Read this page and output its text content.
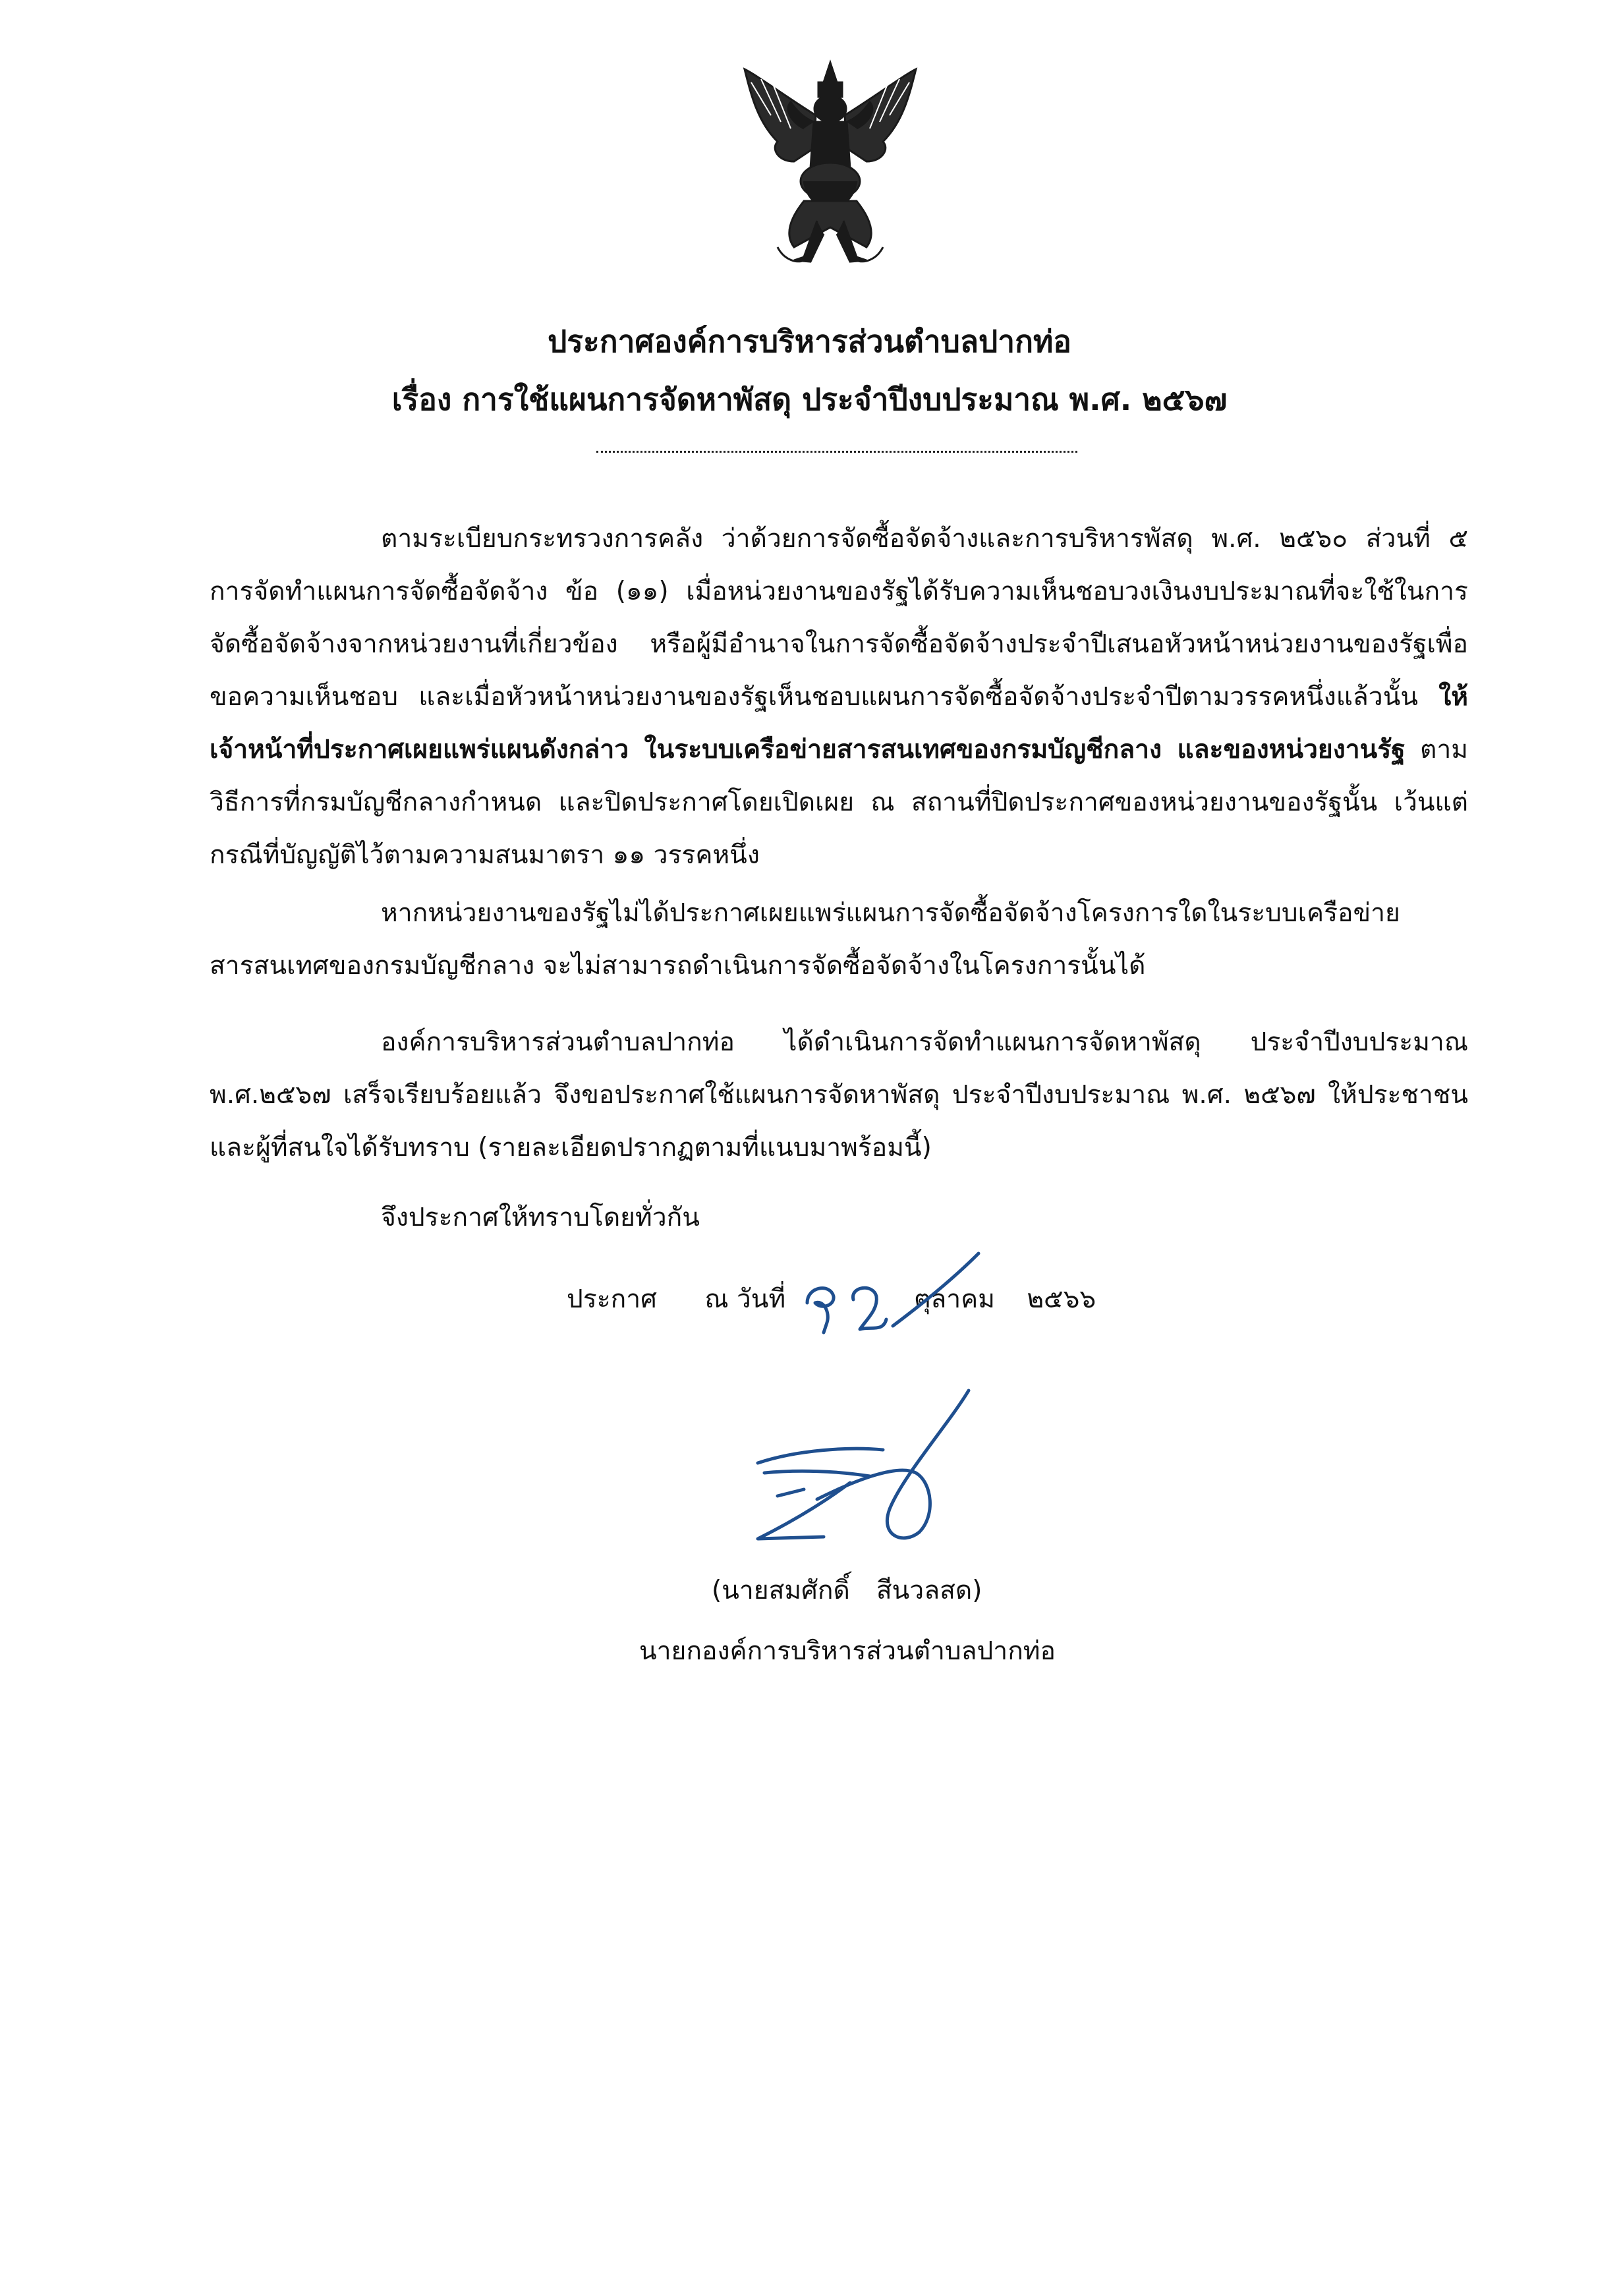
ประกาศองค์การบริหารส่วนตำบลปากท่อ
เรื่อง การใช้แผนการจัดหาพัสดุ ประจำปีงบประมาณ พ.ศ. ๒๕๖๗

ตามระเบียบกระทรวงการคลัง ว่าด้วยการจัดซื้อจัดจ้างและการบริหารพัสดุ พ.ศ. ๒๕๖๐ ส่วนที่ ๕ การจัดทำแผนการจัดซื้อจัดจ้าง ข้อ (๑๑) เมื่อหน่วยงานของรัฐได้รับความเห็นชอบวงเงินงบประมาณที่จะใช้ในการจัดซื้อจัดจ้างจากหน่วยงานที่เกี่ยวข้อง หรือผู้มีอำนาจในการจัดซื้อจัดจ้างประจำปีเสนอหัวหน้าหน่วยงานของรัฐเพื่อขอความเห็นชอบ และเมื่อหัวหน้าหน่วยงานของรัฐเห็นชอบแผนการจัดซื้อจัดจ้างประจำปีตามวรรคหนึ่งแล้วนั้น ให้เจ้าหน้าที่ประกาศเผยแพร่แผนดังกล่าว ในระบบเครือข่ายสารสนเทศของกรมบัญชีกลาง และของหน่วยงานรัฐ ตามวิธีการที่กรมบัญชีกลางกำหนด และปิดประกาศโดยเปิดเผย ณ สถานที่ปิดประกาศของหน่วยงานของรัฐนั้น เว้นแต่กรณีที่บัญญัติไว้ตามความสนมาตรา ๑๑ วรรคหนึ่ง

หากหน่วยงานของรัฐไม่ได้ประกาศเผยแพร่แผนการจัดซื้อจัดจ้างโครงการใดในระบบเครือข่ายสารสนเทศของกรมบัญชีกลาง จะไม่สามารถดำเนินการจัดซื้อจัดจ้างในโครงการนั้นได้

องค์การบริหารส่วนตำบลปากท่อ ได้ดำเนินการจัดทำแผนการจัดหาพัสดุ ประจำปีงบประมาณ พ.ศ.๒๕๖๗ เสร็จเรียบร้อยแล้ว จึงขอประกาศใช้แผนการจัดหาพัสดุ ประจำปีงบประมาณ พ.ศ. ๒๕๖๗ ให้ประชาชนและผู้ที่สนใจได้รับทราบ (รายละเอียดปรากฏตามที่แนบมาพร้อมนี้)

จึงประกาศให้ทราบโดยทั่วกัน
ประกาศ ณ วันที่	ตุลาคม ๒๕๖๖
(นายสมศักดิ์ สีนวลสด)
นายกองค์การบริหารส่วนตำบลปากท่อ
